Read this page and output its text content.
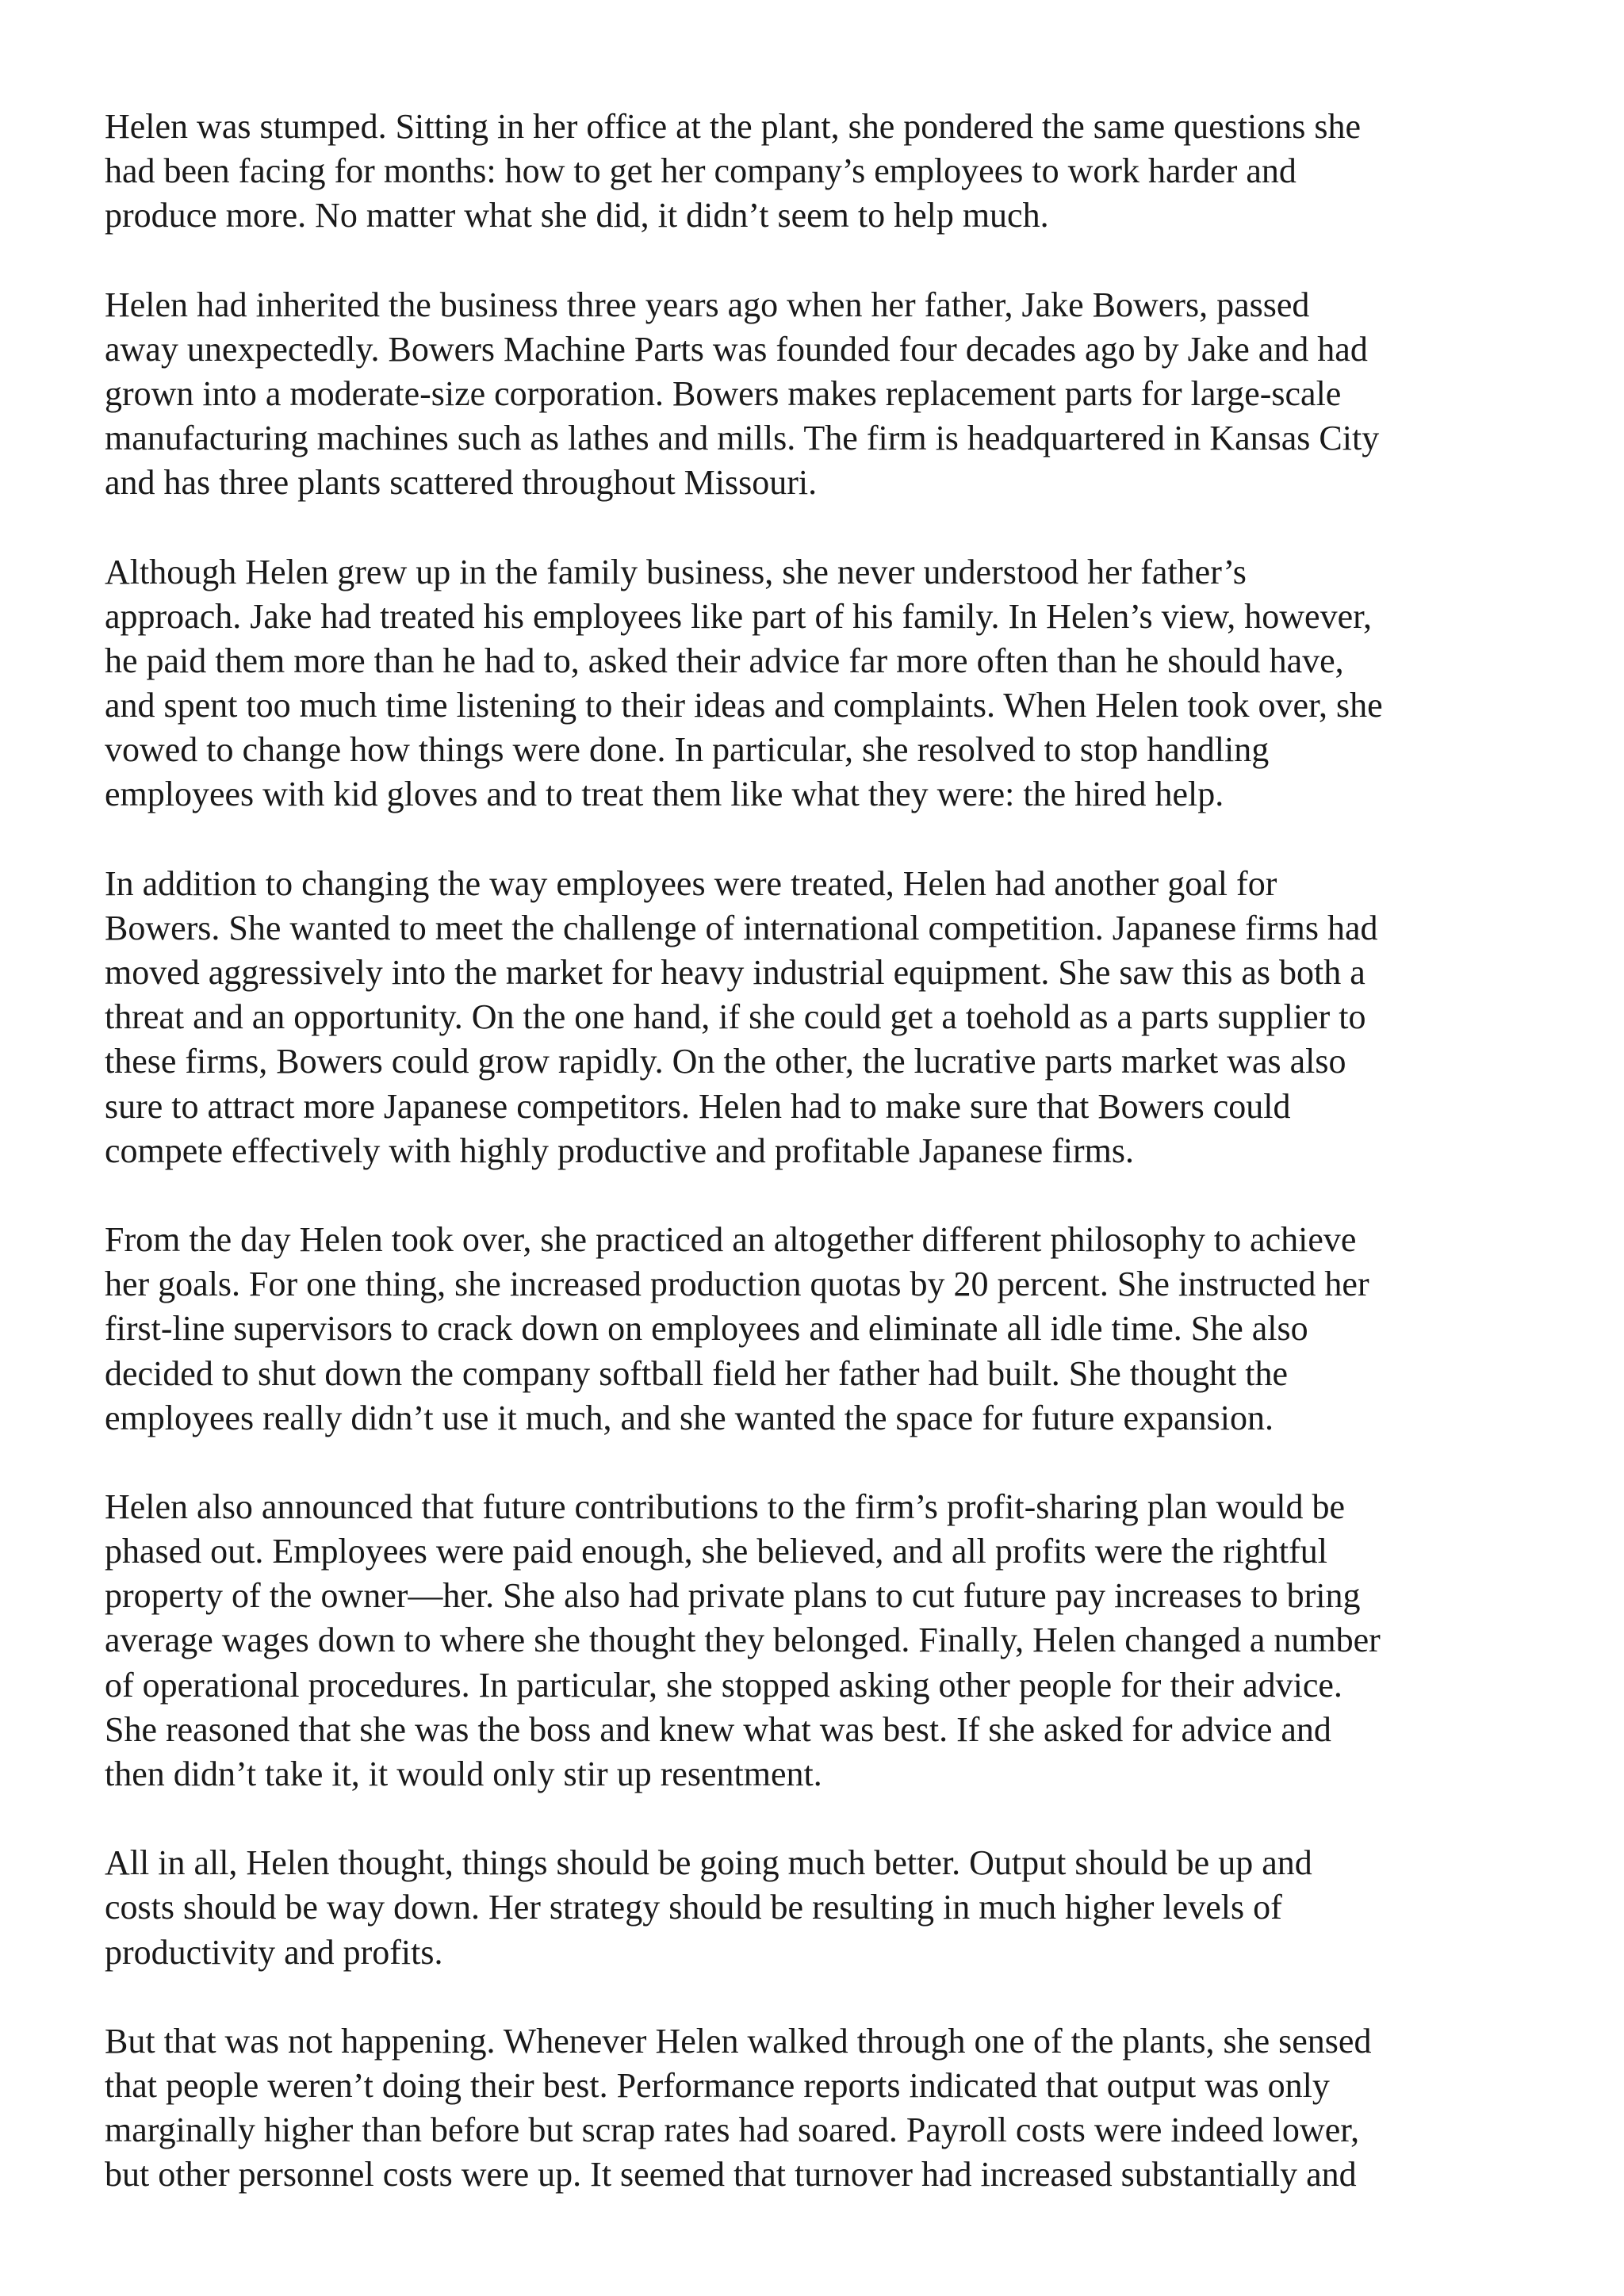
Helen was stumped. Sitting in her office at the plant, she pondered the same questions she
had been facing for months: how to get her company’s employees to work harder and
produce more. No matter what she did, it didn’t seem to help much.

Helen had inherited the business three years ago when her father, Jake Bowers, passed
away unexpectedly. Bowers Machine Parts was founded four decades ago by Jake and had
grown into a moderate-size corporation. Bowers makes replacement parts for large-scale
manufacturing machines such as lathes and mills. The firm is headquartered in Kansas City
and has three plants scattered throughout Missouri.

Although Helen grew up in the family business, she never understood her father’s
approach. Jake had treated his employees like part of his family. In Helen’s view, however,
he paid them more than he had to, asked their advice far more often than he should have,
and spent too much time listening to their ideas and complaints. When Helen took over, she
vowed to change how things were done. In particular, she resolved to stop handling
employees with kid gloves and to treat them like what they were: the hired help.

In addition to changing the way employees were treated, Helen had another goal for
Bowers. She wanted to meet the challenge of international competition. Japanese firms had
moved aggressively into the market for heavy industrial equipment. She saw this as both a
threat and an opportunity. On the one hand, if she could get a toehold as a parts supplier to
these firms, Bowers could grow rapidly. On the other, the lucrative parts market was also
sure to attract more Japanese competitors. Helen had to make sure that Bowers could
compete effectively with highly productive and profitable Japanese firms.

From the day Helen took over, she practiced an altogether different philosophy to achieve
her goals. For one thing, she increased production quotas by 20 percent. She instructed her
first-line supervisors to crack down on employees and eliminate all idle time. She also
decided to shut down the company softball field her father had built. She thought the
employees really didn’t use it much, and she wanted the space for future expansion.

Helen also announced that future contributions to the firm’s profit-sharing plan would be
phased out. Employees were paid enough, she believed, and all profits were the rightful
property of the owner—her. She also had private plans to cut future pay increases to bring
average wages down to where she thought they belonged. Finally, Helen changed a number
of operational procedures. In particular, she stopped asking other people for their advice.
She reasoned that she was the boss and knew what was best. If she asked for advice and
then didn’t take it, it would only stir up resentment.

All in all, Helen thought, things should be going much better. Output should be up and
costs should be way down. Her strategy should be resulting in much higher levels of
productivity and profits.

But that was not happening. Whenever Helen walked through one of the plants, she sensed
that people weren’t doing their best. Performance reports indicated that output was only
marginally higher than before but scrap rates had soared. Payroll costs were indeed lower,
but other personnel costs were up. It seemed that turnover had increased substantially and
